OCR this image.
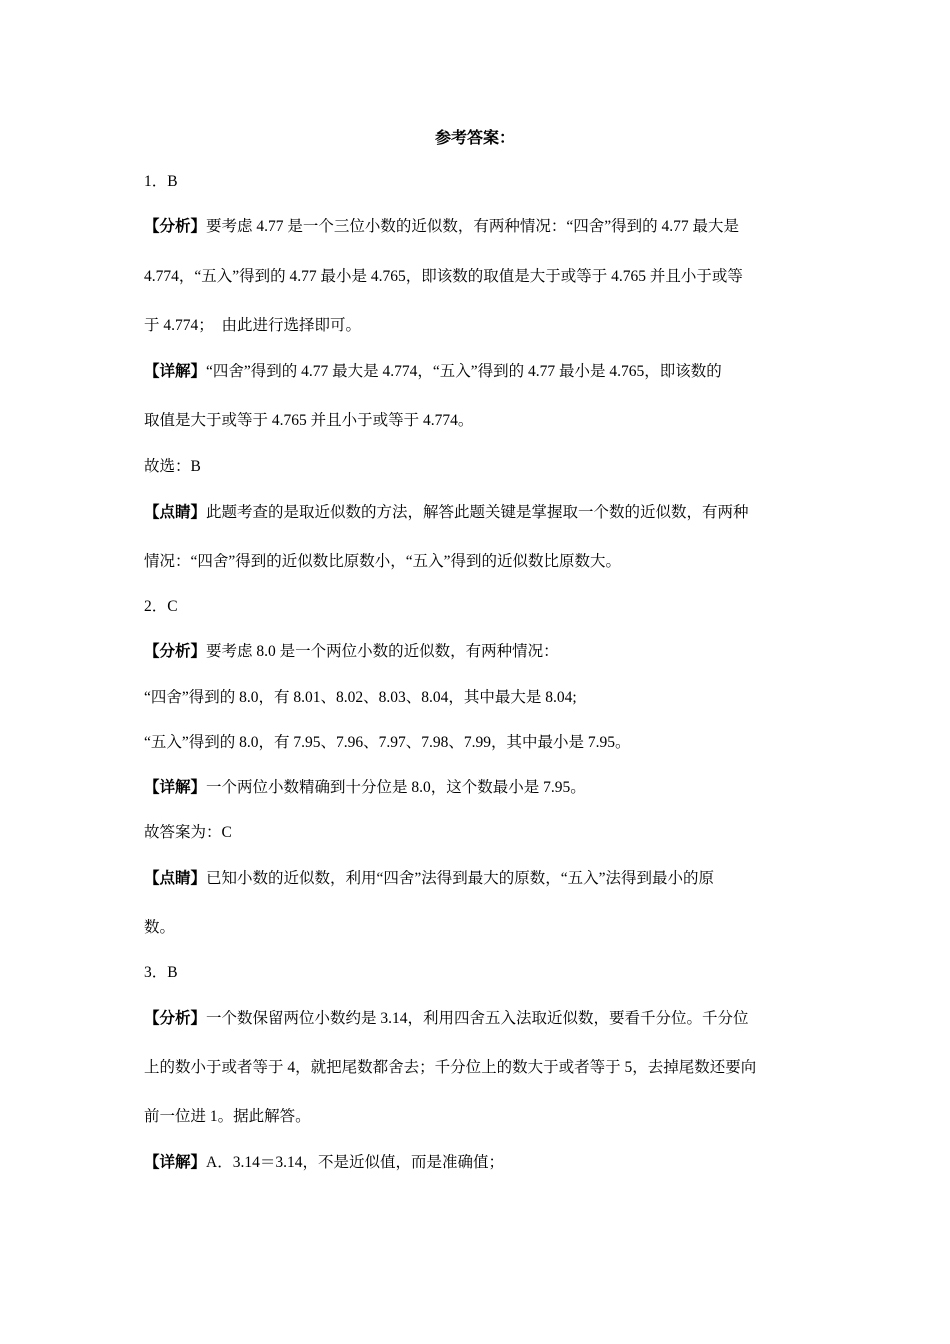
参考答案：
1．B
【分析】要考虑 4.77 是一个三位小数的近似数，有两种情况：“四舍”得到的 4.77 最大是
4.774，“五入”得到的 4.77 最小是 4.765，即该数的取值是大于或等于 4.765 并且小于或等
于 4.774；　由此进行选择即可。
【详解】“四舍”得到的 4.77 最大是 4.774，“五入”得到的 4.77 最小是 4.765，即该数的
取值是大于或等于 4.765 并且小于或等于 4.774。
故选：B
【点睛】此题考查的是取近似数的方法，解答此题关键是掌握取一个数的近似数，有两种
情况：“四舍”得到的近似数比原数小，“五入”得到的近似数比原数大。
2．C
【分析】要考虑 8.0 是一个两位小数的近似数，有两种情况：
“四舍”得到的 8.0，有 8.01、8.02、8.03、8.04，其中最大是 8.04;
“五入”得到的 8.0，有 7.95、7.96、7.97、7.98、7.99，其中最小是 7.95。
【详解】一个两位小数精确到十分位是 8.0，这个数最小是 7.95。
故答案为：C
【点睛】已知小数的近似数，利用“四舍”法得到最大的原数，“五入”法得到最小的原
数。
3．B
【分析】一个数保留两位小数约是 3.14，利用四舍五入法取近似数，要看千分位。千分位
上的数小于或者等于 4，就把尾数都舍去；千分位上的数大于或者等于 5，去掉尾数还要向
前一位进 1。据此解答。
【详解】A．3.14＝3.14，不是近似值，而是准确值；
